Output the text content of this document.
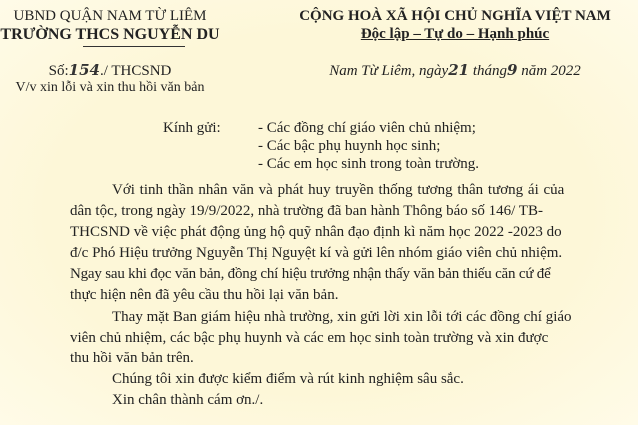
UBND QUẬN NAM TỪ LIÊM
TRƯỜNG THCS NGUYỄN DU
CỘNG HOÀ XÃ HỘI CHỦ NGHĨA VIỆT NAM
Độc lập – Tự do – Hạnh phúc
Số:154./ THCSND
V/v xin lỗi và xin thu hồi văn bản
Nam Từ Liêm, ngày21 tháng9 năm 2022
Kính gửi: - Các đồng chí giáo viên chủ nhiệm;
- Các bậc phụ huynh học sinh;
- Các em học sinh trong toàn trường.
Với tinh thần nhân văn và phát huy truyền thống tương thân tương ái của
dân tộc, trong ngày 19/9/2022, nhà trường đã ban hành Thông báo số 146/ TB-
THCSND về việc phát động ủng hộ quỹ nhân đạo định kì năm học 2022 -2023 do
đ/c Phó Hiệu trưởng Nguyễn Thị Nguyệt kí và gửi lên nhóm giáo viên chủ nhiệm.
Ngay sau khi đọc văn bản, đồng chí hiệu trưởng nhận thấy văn bản thiếu căn cứ để
thực hiện nên đã yêu cầu thu hồi lại văn bản.
Thay mặt Ban giám hiệu nhà trường, xin gửi lời xin lỗi tới các đồng chí giáo
viên chủ nhiệm, các bậc phụ huynh và các em học sinh toàn trường và xin được
thu hồi văn bản trên.
Chúng tôi xin được kiểm điểm và rút kinh nghiệm sâu sắc.
Xin chân thành cám ơn./.
